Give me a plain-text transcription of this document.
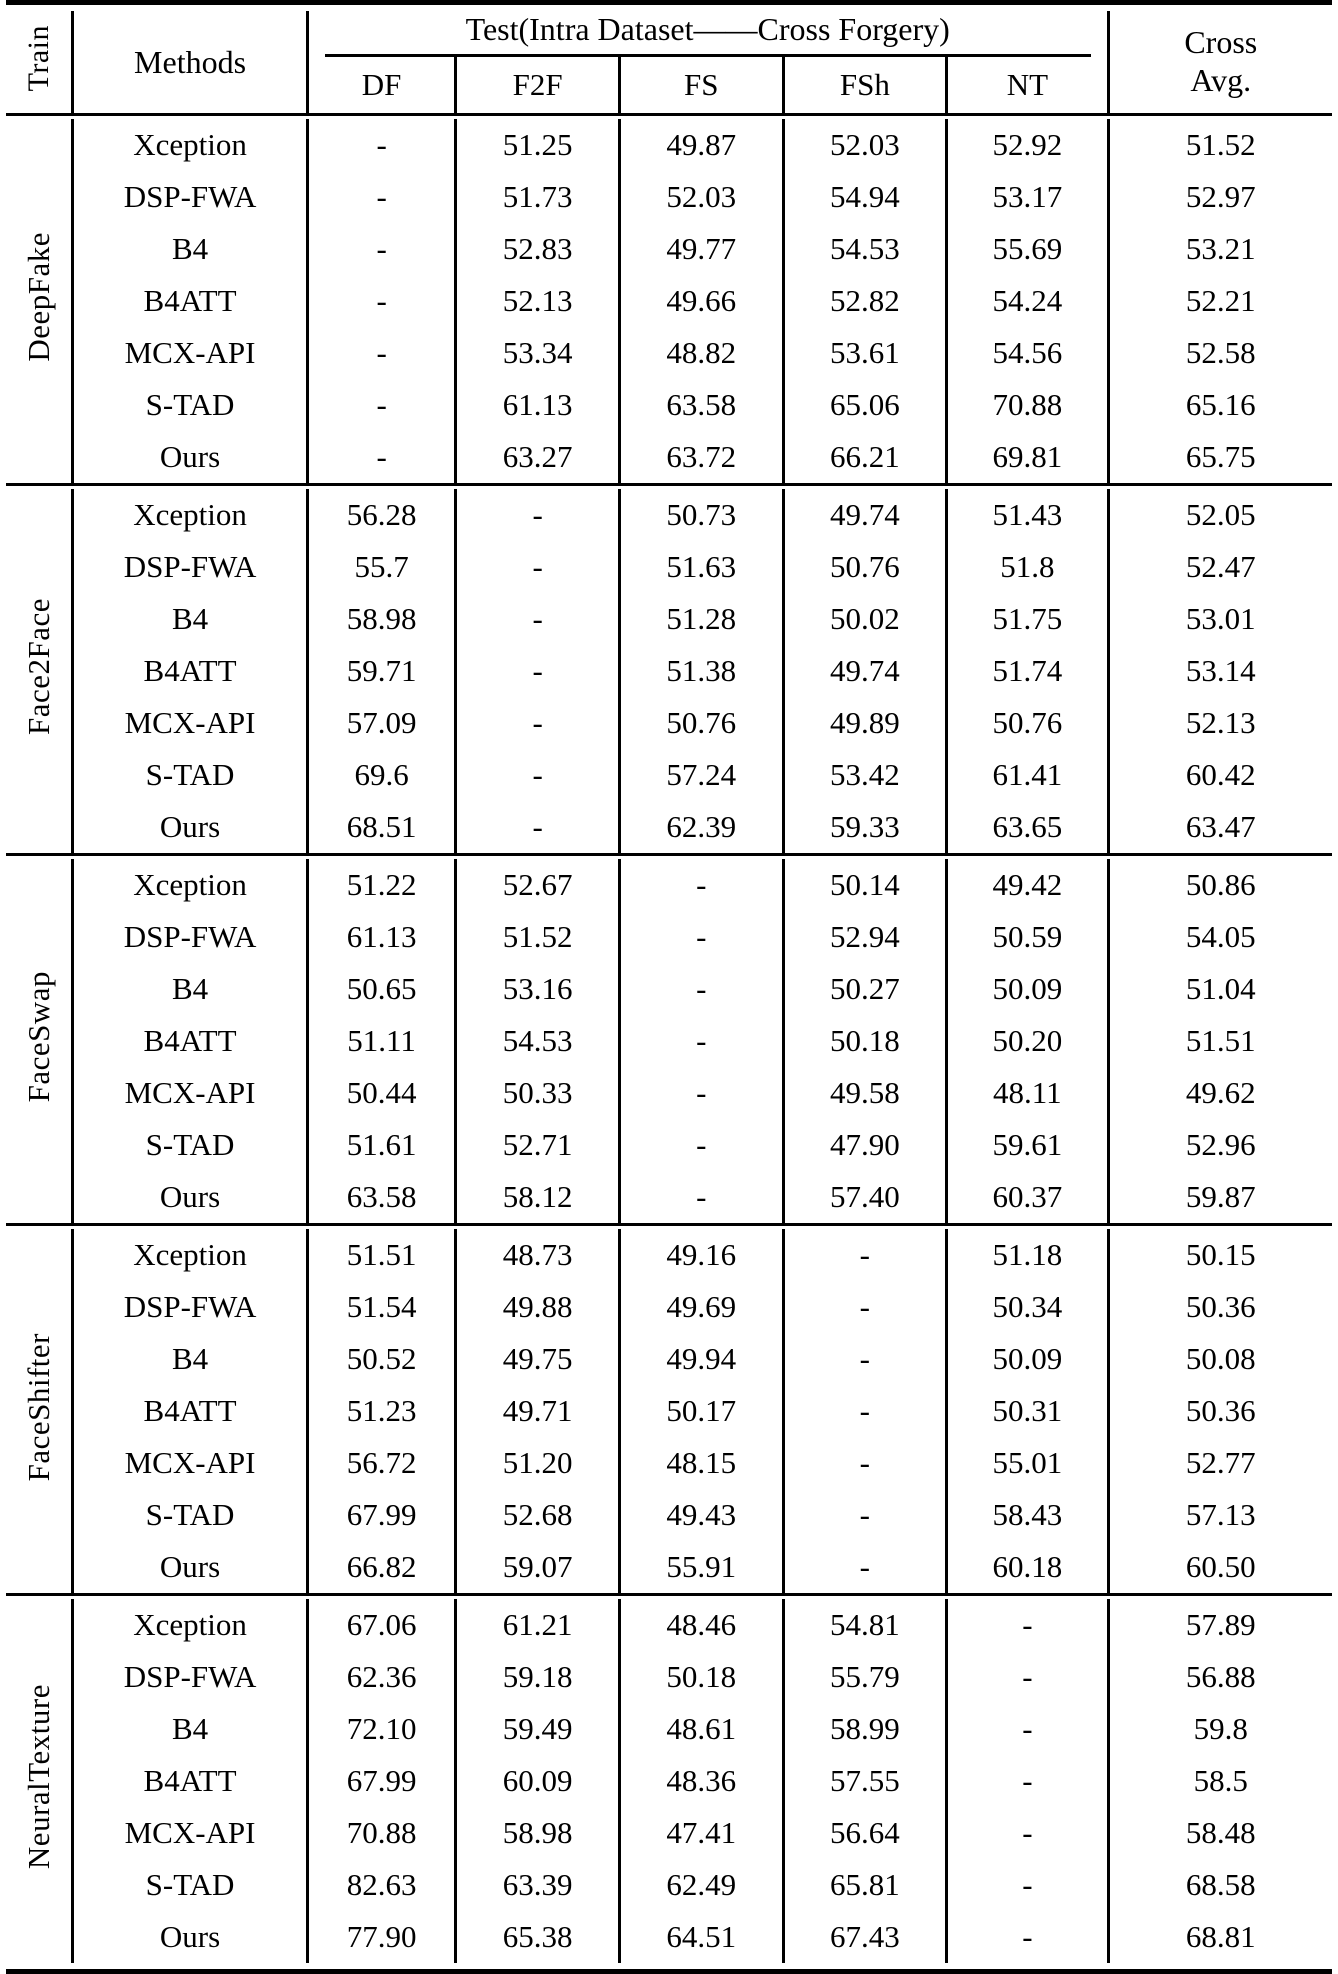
Train	Methods	Test(Intra Dataset——Cross Forgery)					Cross
Avg.
		DF	F2F	FS	FSh	NT	

DeepFake	Xception	-	51.25	49.87	52.03	52.92	51.52
	DSP-FWA	-	51.73	52.03	54.94	53.17	52.97
	B4	-	52.83	49.77	54.53	55.69	53.21
	B4ATT	-	52.13	49.66	52.82	54.24	52.21
	MCX-API	-	53.34	48.82	53.61	54.56	52.58
	S-TAD	-	61.13	63.58	65.06	70.88	65.16
	Ours	-	63.27	63.72	66.21	69.81	65.75

Face2Face	Xception	56.28	-	50.73	49.74	51.43	52.05
	DSP-FWA	55.7	-	51.63	50.76	51.8	52.47
	B4	58.98	-	51.28	50.02	51.75	53.01
	B4ATT	59.71	-	51.38	49.74	51.74	53.14
	MCX-API	57.09	-	50.76	49.89	50.76	52.13
	S-TAD	69.6	-	57.24	53.42	61.41	60.42
	Ours	68.51	-	62.39	59.33	63.65	63.47

FaceSwap	Xception	51.22	52.67	-	50.14	49.42	50.86
	DSP-FWA	61.13	51.52	-	52.94	50.59	54.05
	B4	50.65	53.16	-	50.27	50.09	51.04
	B4ATT	51.11	54.53	-	50.18	50.20	51.51
	MCX-API	50.44	50.33	-	49.58	48.11	49.62
	S-TAD	51.61	52.71	-	47.90	59.61	52.96
	Ours	63.58	58.12	-	57.40	60.37	59.87

FaceShifter	Xception	51.51	48.73	49.16	-	51.18	50.15
	DSP-FWA	51.54	49.88	49.69	-	50.34	50.36
	B4	50.52	49.75	49.94	-	50.09	50.08
	B4ATT	51.23	49.71	50.17	-	50.31	50.36
	MCX-API	56.72	51.20	48.15	-	55.01	52.77
	S-TAD	67.99	52.68	49.43	-	58.43	57.13
	Ours	66.82	59.07	55.91	-	60.18	60.50

NeuralTexture	Xception	67.06	61.21	48.46	54.81	-	57.89
	DSP-FWA	62.36	59.18	50.18	55.79	-	56.88
	B4	72.10	59.49	48.61	58.99	-	59.8
	B4ATT	67.99	60.09	48.36	57.55	-	58.5
	MCX-API	70.88	58.98	47.41	56.64	-	58.48
	S-TAD	82.63	63.39	62.49	65.81	-	68.58
	Ours	77.90	65.38	64.51	67.43	-	68.81
